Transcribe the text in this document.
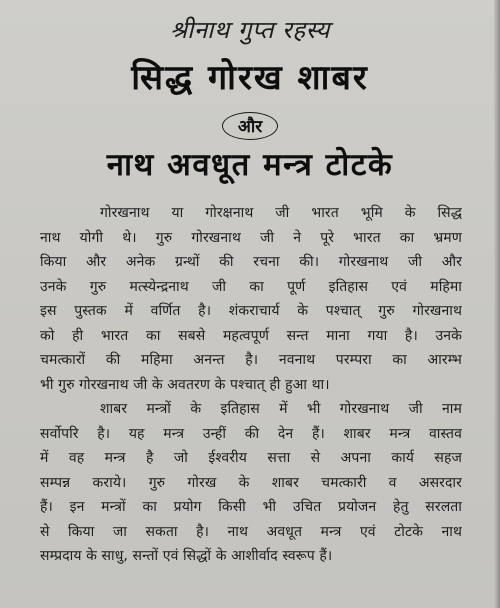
श्रीनाथ गुप्त रहस्य
सिद्ध गोरख शाबर
और
नाथ अवधूत मन्त्र टोटके
गोरखनाथ या गोरक्षनाथ जी भारत भूमि के सिद्ध
नाथ योगी थे। गुरु गोरखनाथ जी ने पूरे भारत का भ्रमण
किया और अनेक ग्रन्थों की रचना की। गोरखनाथ जी और
उनके गुरु मत्स्येन्द्रनाथ जी का पूर्ण इतिहास एवं महिमा
इस पुस्तक में वर्णित है। शंकराचार्य के पश्चात् गुरु गोरखनाथ
को ही भारत का सबसे महत्वपूर्ण सन्त माना गया है। उनके
चमत्कारों की महिमा अनन्त है। नवनाथ परम्परा का आरम्भ
भी गुरु गोरखनाथ जी के अवतरण के पश्चात् ही हुआ था।
शाबर मन्त्रों के इतिहास में भी गोरखनाथ जी नाम
सर्वोपरि है। यह मन्त्र उन्हीं की देन हैं। शाबर मन्त्र वास्तव
में वह मन्त्र है जो ईश्वरीय सत्ता से अपना कार्य सहज
सम्पन्न कराये। गुरु गोरख के शाबर चमत्कारी व असरदार
हैं। इन मन्त्रों का प्रयोग किसी भी उचित प्रयोजन हेतु सरलता
से किया जा सकता है। नाथ अवधूत मन्त्र एवं टोटके नाथ
सम्प्रदाय के साधु, सन्तों एवं सिद्धों के आशीर्वाद स्वरूप हैं।
